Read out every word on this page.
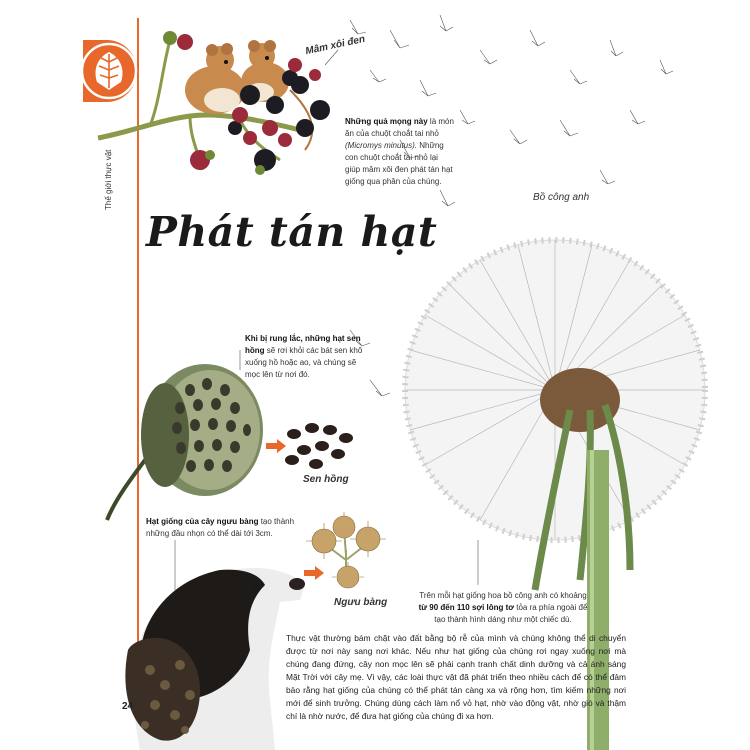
Thế giới thực vật
Mâm xôi đen
Những quả mọng này là món ăn của chuột choắt tai nhỏ (Micromys minutus). Những con chuột choắt tai nhỏ lại giúp mâm xôi đen phát tán hạt giống qua phân của chúng.
Phát tán hạt
Bồ công anh
Trên mỗi hạt giống hoa bồ công anh có khoảng từ 90 đến 110 sợi lông tơ tỏa ra phía ngoài để tạo thành hình dáng như một chiếc dù.
Khi bị rung lắc, những hạt sen hồng sẽ rơi khỏi các bát sen khô xuống hồ hoặc ao, và chúng sẽ mọc lên từ nơi đó.
Sen hồng
Hạt giống của cây ngưu bàng tạo thành những đầu nhọn có thể dài tới 3cm.
Ngưu bàng
Thực vật thường bám chặt vào đất bằng bộ rễ của mình và chúng không thể di chuyển được từ nơi này sang nơi khác. Nếu như hạt giống của chúng rơi ngay xuống nơi mà chúng đang đứng, cây non mọc lên sẽ phải cạnh tranh chất dinh dưỡng và cả ánh sáng Mặt Trời với cây mẹ. Vì vậy, các loài thực vật đã phát triển theo nhiều cách để có thể đảm bảo rằng hạt giống của chúng có thể phát tán càng xa và rộng hơn, tìm kiếm những nơi mới để sinh trưởng. Chúng dùng cách làm nổ vỏ hạt, nhờ vào động vật, nhờ gió và thậm chí là nhờ nước, để đưa hạt giống của chúng đi xa hơn.
24
